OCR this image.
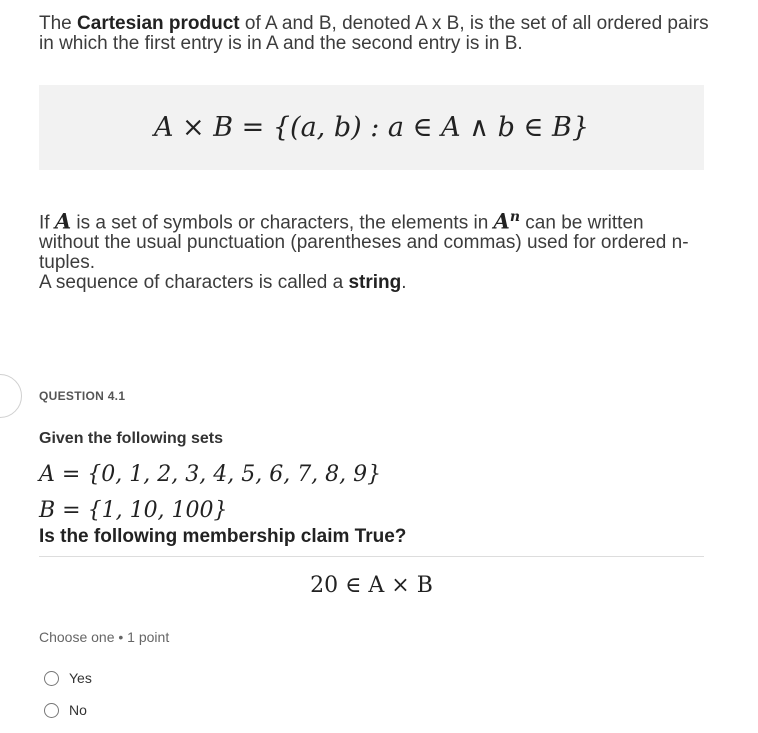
The Cartesian product of A and B, denoted A x B, is the set of all ordered pairs in which the first entry is in A and the second entry is in B.
A × B = {(a, b) : a ∈ A ∧ b ∈ B}
If A is a set of symbols or characters, the elements in $A^n$ can be written without the usual punctuation (parentheses and commas) used for ordered n-tuples.
A sequence of characters is called a string.
QUESTION 4.1
Given the following sets
A = {0, 1, 2, 3, 4, 5, 6, 7, 8, 9}
B = {1, 10, 100}
Is the following membership claim True?
20 ∈ A × B
Choose one • 1 point
Yes
No
